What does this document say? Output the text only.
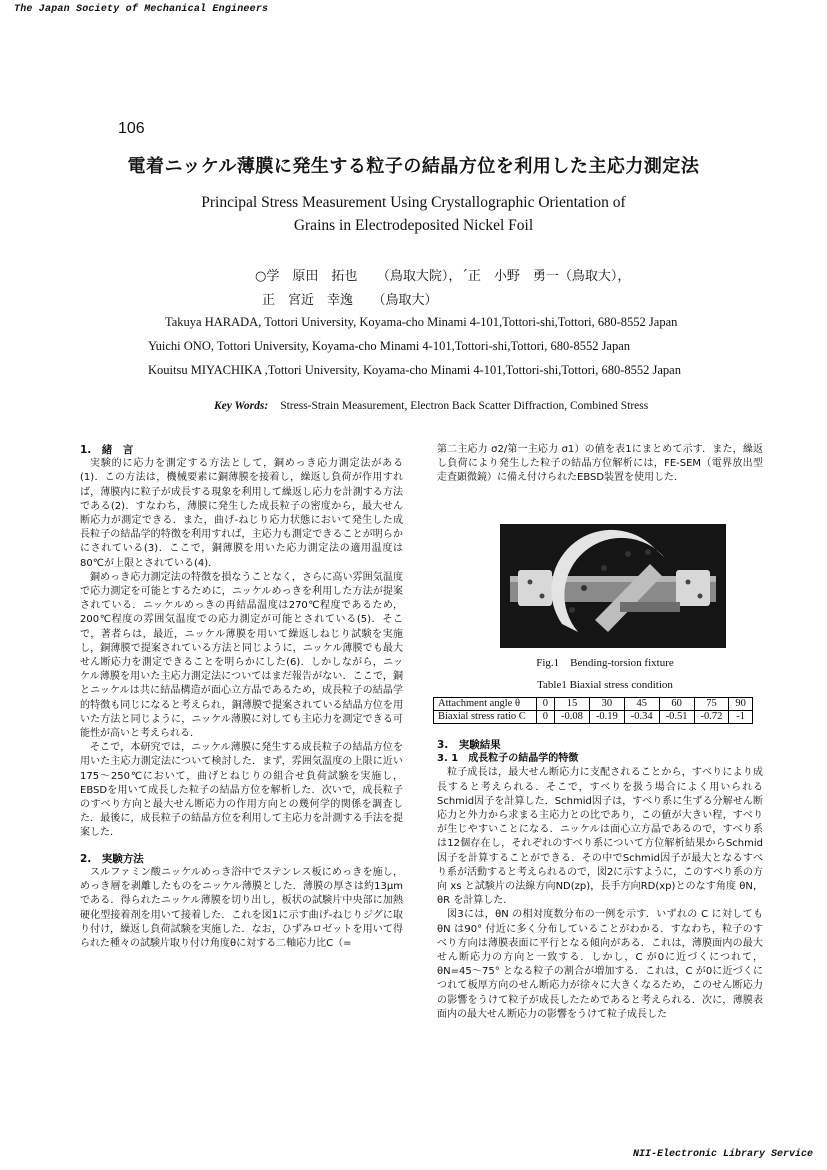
The Japan Society of Mechanical Engineers
106
電着ニッケル薄膜に発生する粒子の結晶方位を利用した主応力測定法
Principal Stress Measurement Using Crystallographic Orientation of
Grains in Electrodeposited Nickel Foil
○学　原田　拓也　　（鳥取大院），´正　小野　勇一（鳥取大），
正　宮近　幸逸　　（鳥取大）
Takuya HARADA, Tottori University, Koyama-cho Minami 4-101,Tottori-shi,Tottori, 680-8552 Japan
Yuichi ONO, Tottori University, Koyama-cho Minami 4-101,Tottori-shi,Tottori, 680-8552 Japan
Kouitsu MIYACHIKA ,Tottori University, Koyama-cho Minami 4-101,Tottori-shi,Tottori, 680-8552 Japan
Key Words: Stress-Strain Measurement, Electron Back Scatter Diffraction, Combined Stress
1.　緒　言

実験的に応力を測定する方法として，銅めっき応力測定法がある(1)．この方法は，機械要素に銅薄膜を接着し，繰返し負荷が作用すれば，薄膜内に粒子が成長する現象を利用して繰返し応力を計測する方法である(2)．すなわち，薄膜に発生した成長粒子の密度から，最大せん断応力が測定できる．また，曲げ-ねじり応力状態において発生した成長粒子の結晶学的特徴を利用すれば，主応力も測定できることが明らかにされている(3)．ここで，銅薄膜を用いた応力測定法の適用温度は80℃が上限とされている(4)．

銅めっき応力測定法の特徴を損なうことなく，さらに高い雰囲気温度で応力測定を可能とするために，ニッケルめっきを利用した方法が提案されている．ニッケルめっきの再結晶温度は270℃程度であるため，200℃程度の雰囲気温度での応力測定が可能とされている(5)．そこで，著者らは，最近，ニッケル薄膜を用いて繰返しねじり試験を実施し，銅薄膜で提案されている方法と同じように，ニッケル薄膜でも最大せん断応力を測定できることを明らかにした(6)．しかしながら，ニッケル薄膜を用いた主応力測定法についてはまだ報告がない．ここで，銅とニッケルは共に結晶構造が面心立方晶であるため，成長粒子の結晶学的特徴も同じになると考えられ，銅薄膜で提案されている結晶方位を用いた方法と同じように，ニッケル薄膜に対しても主応力を測定できる可能性が高いと考えられる．

そこで，本研究では，ニッケル薄膜に発生する成長粒子の結晶方位を用いた主応力測定法について検討した．まず，雰囲気温度の上限に近い175～250℃において，曲げとねじりの組合せ負荷試験を実施し，EBSDを用いて成長した粒子の結晶方位を解析した．次いで，成長粒子のすべり方向と最大せん断応力の作用方向との幾何学的関係を調査した．最後に，成長粒子の結晶方位を利用して主応力を計測する手法を提案した．

2.　実験方法

スルファミン酸ニッケルめっき浴中でステンレス板にめっきを施し，めっき層を剥離したものをニッケル薄膜とした．薄膜の厚さは約13μmである．得られたニッケル薄膜を切り出し，板状の試験片中央部に加熱硬化型接着剤を用いて接着した．これを図1に示す曲げ-ねじりジグに取り付け，繰返し負荷試験を実施した．なお，ひずみロゼットを用いて得られた種々の試験片取り付け角度θに対する二軸応力比C（=

第二主応力 σ2/第一主応力 σ1）の値を表1にまとめて示す．また，繰返し負荷により発生した粒子の結晶方位解析には，FE-SEM（電界放出型走査顕微鏡）に備え付けられたEBSD装置を使用した．

Fig.1　Bending-torsion fixture
Table1 Biaxial stress condition
Attachment angle θ	0	15	30	45	60	75	90
Biaxial stress ratio C	0	-0.08	-0.19	-0.34	-0.51	-0.72	-1
3.　実験結果
3. 1　成長粒子の結晶学的特徴

粒子成長は，最大せん断応力に支配されることから，すべりにより成長すると考えられる．そこで，すべりを扱う場合によく用いられるSchmid因子を計算した．Schmid因子は，すべり系に生ずる分解せん断応力と外力から求まる主応力との比であり，この値が大きい程，すべりが生じやすいことになる．ニッケルは面心立方晶であるので，すべり系は12個存在し，それぞれのすべり系について方位解析結果からSchmid因子を計算することができる．その中でSchmid因子が最大となるすべり系が活動すると考えられるので，図2に示すように，このすべり系の方向 xs と試験片の法線方向ND(zp)，長手方向RD(xp)とのなす角度 θN，θR を計算した．

図3には，θN の相対度数分布の一例を示す．いずれの C に対しても θN は90° 付近に多く分布していることがわかる．すなわち，粒子のすべり方向は薄膜表面に平行となる傾向がある．これは，薄膜面内の最大せん断応力の方向と一致する．しかし，C が0に近づくにつれて，θN=45～75° となる粒子の割合が増加する．これは，C が0に近づくにつれて板厚方向のせん断応力が徐々に大きくなるため，このせん断応力の影響をうけて粒子が成長したためであると考えられる．次に，薄膜表面内の最大せん断応力の影響をうけて粒子成長した

NII-Electronic Library Service
